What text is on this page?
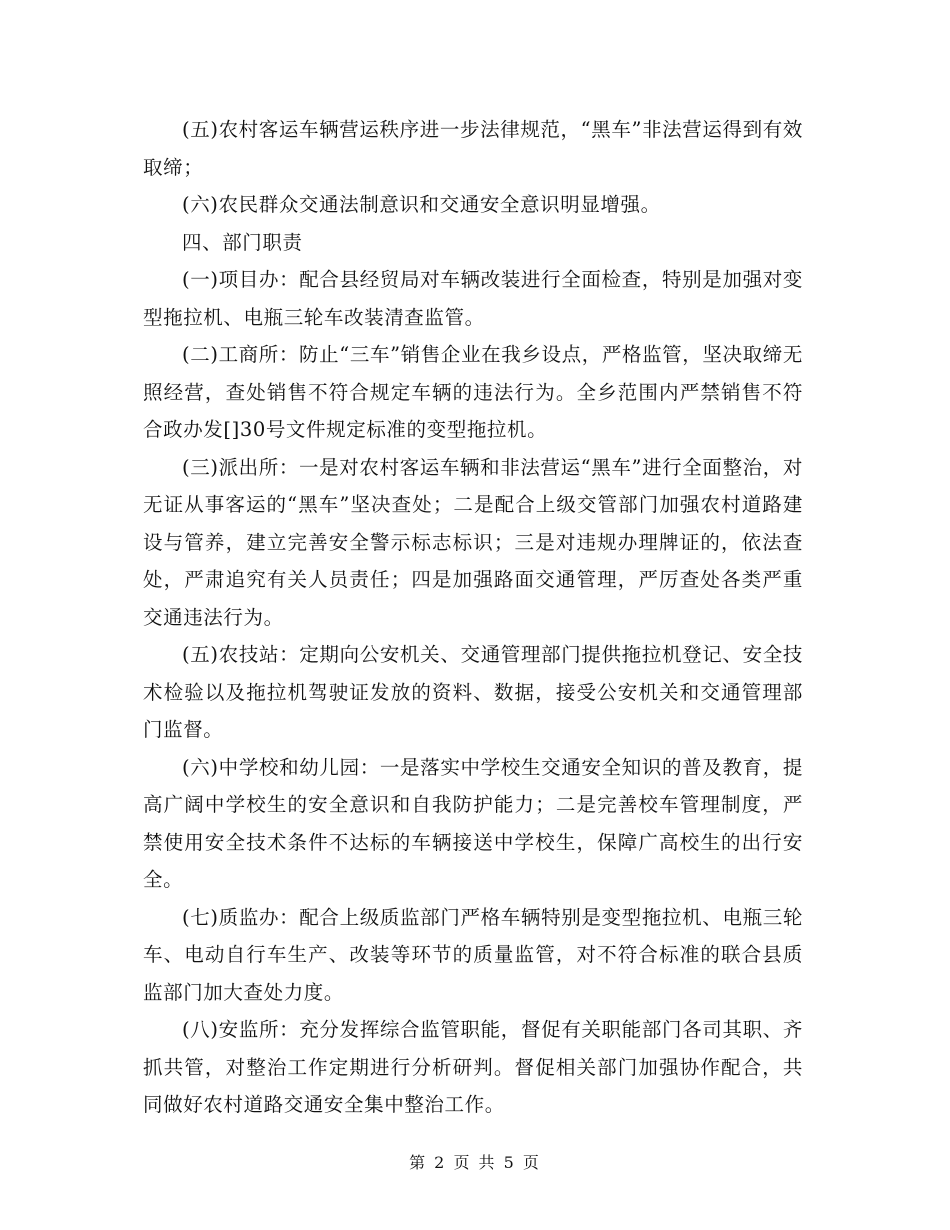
(五)农村客运车辆营运秩序进一步法律规范，“黑车”非法营运得到有效取缔；

(六)农民群众交通法制意识和交通安全意识明显增强。

四、部门职责

(一)项目办：配合县经贸局对车辆改装进行全面检查，特别是加强对变型拖拉机、电瓶三轮车改装清查监管。

(二)工商所：防止“三车”销售企业在我乡设点，严格监管，坚决取缔无照经营，查处销售不符合规定车辆的违法行为。全乡范围内严禁销售不符合政办发[]30号文件规定标准的变型拖拉机。

(三)派出所：一是对农村客运车辆和非法营运“黑车”进行全面整治，对无证从事客运的“黑车”坚决查处；二是配合上级交管部门加强农村道路建设与管养，建立完善安全警示标志标识；三是对违规办理牌证的，依法查处，严肃追究有关人员责任；四是加强路面交通管理，严厉查处各类严重交通违法行为。

(五)农技站：定期向公安机关、交通管理部门提供拖拉机登记、安全技术检验以及拖拉机驾驶证发放的资料、数据，接受公安机关和交通管理部门监督。

(六)中学校和幼儿园：一是落实中学校生交通安全知识的普及教育，提高广阔中学校生的安全意识和自我防护能力；二是完善校车管理制度，严禁使用安全技术条件不达标的车辆接送中学校生，保障广高校生的出行安全。

(七)质监办：配合上级质监部门严格车辆特别是变型拖拉机、电瓶三轮车、电动自行车生产、改装等环节的质量监管，对不符合标准的联合县质监部门加大查处力度。

(八)安监所：充分发挥综合监管职能，督促有关职能部门各司其职、齐抓共管，对整治工作定期进行分析研判。督促相关部门加强协作配合，共同做好农村道路交通安全集中整治工作。

第 2 页 共 5 页
